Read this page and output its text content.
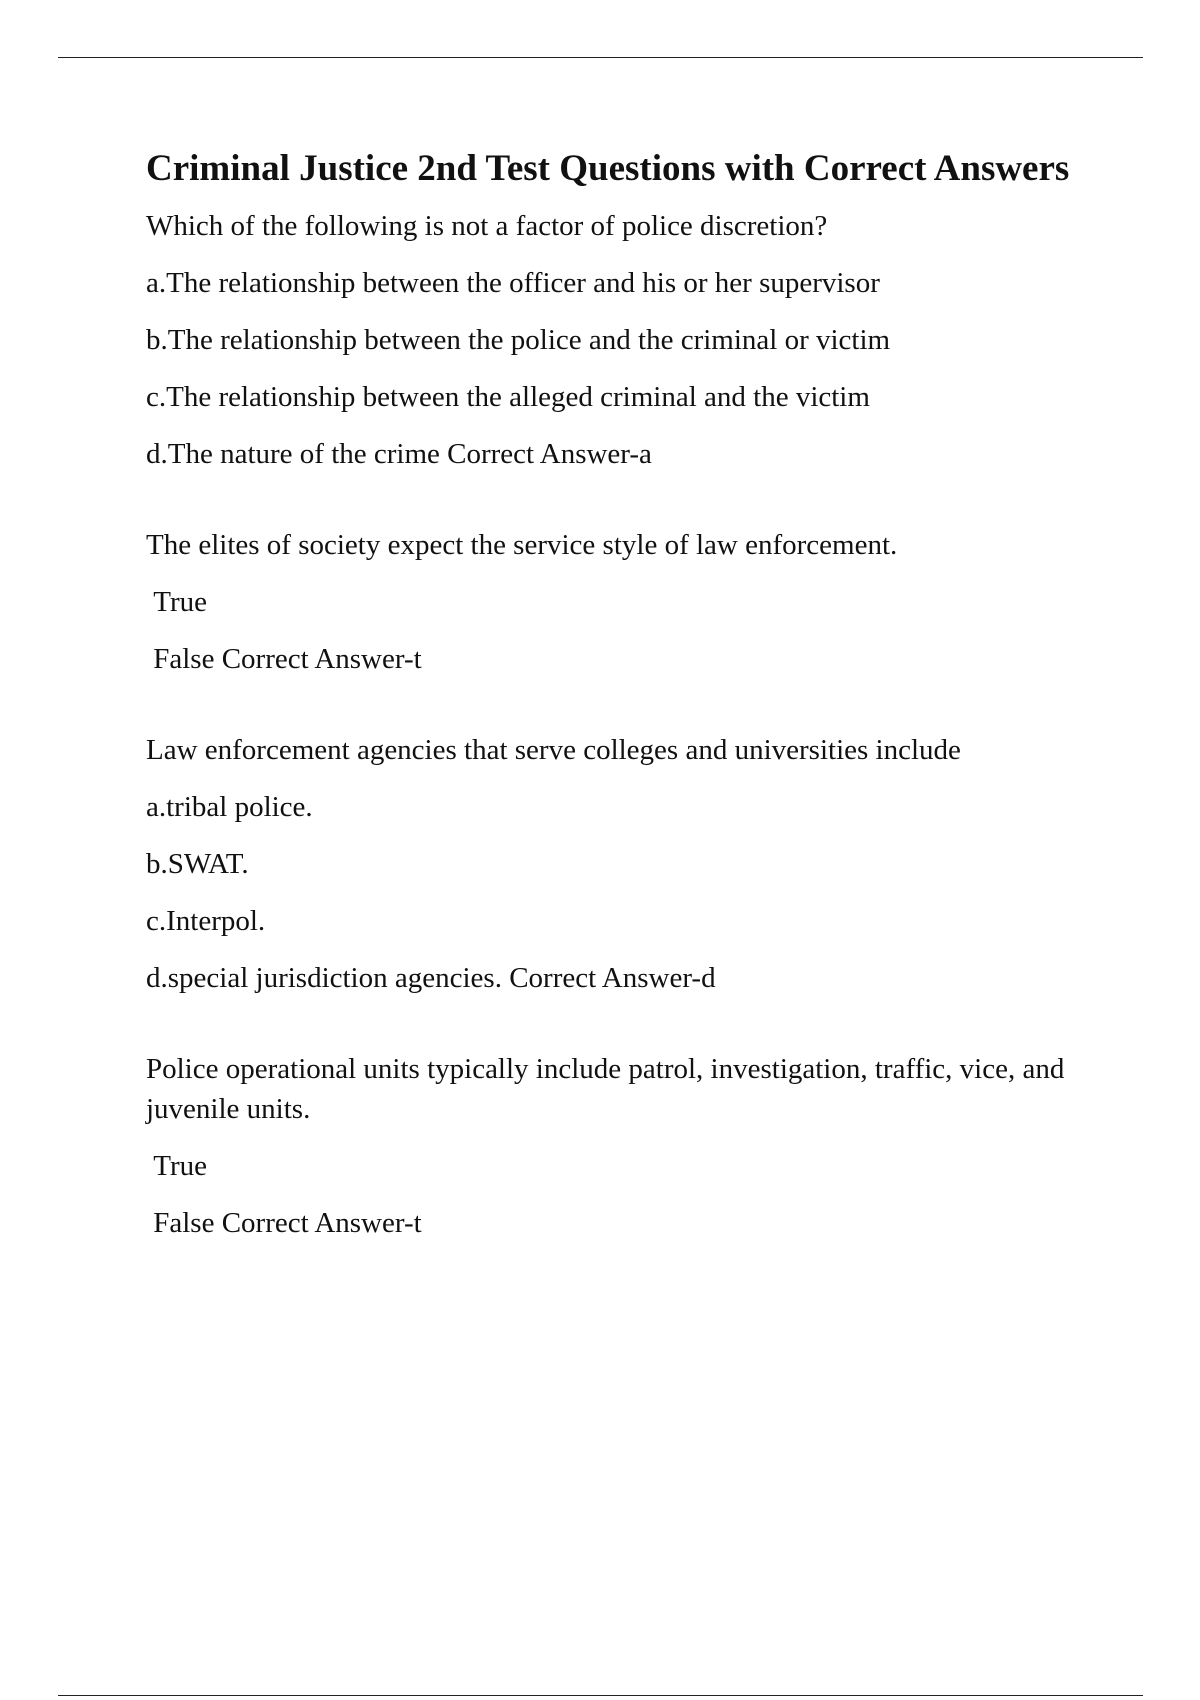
Criminal Justice 2nd Test Questions with Correct Answers

Which of the following is not a factor of police discretion?

a.The relationship between the officer and his or her supervisor

b.The relationship between the police and the criminal or victim

c.The relationship between the alleged criminal and the victim

d.The nature of the crime Correct Answer-a

The elites of society expect the service style of law enforcement.

True

False Correct Answer-t

Law enforcement agencies that serve colleges and universities include

a.tribal police.

b.SWAT.

c.Interpol.

d.special jurisdiction agencies. Correct Answer-d

Police operational units typically include patrol, investigation, traffic, vice, and juvenile units.

True

False Correct Answer-t
